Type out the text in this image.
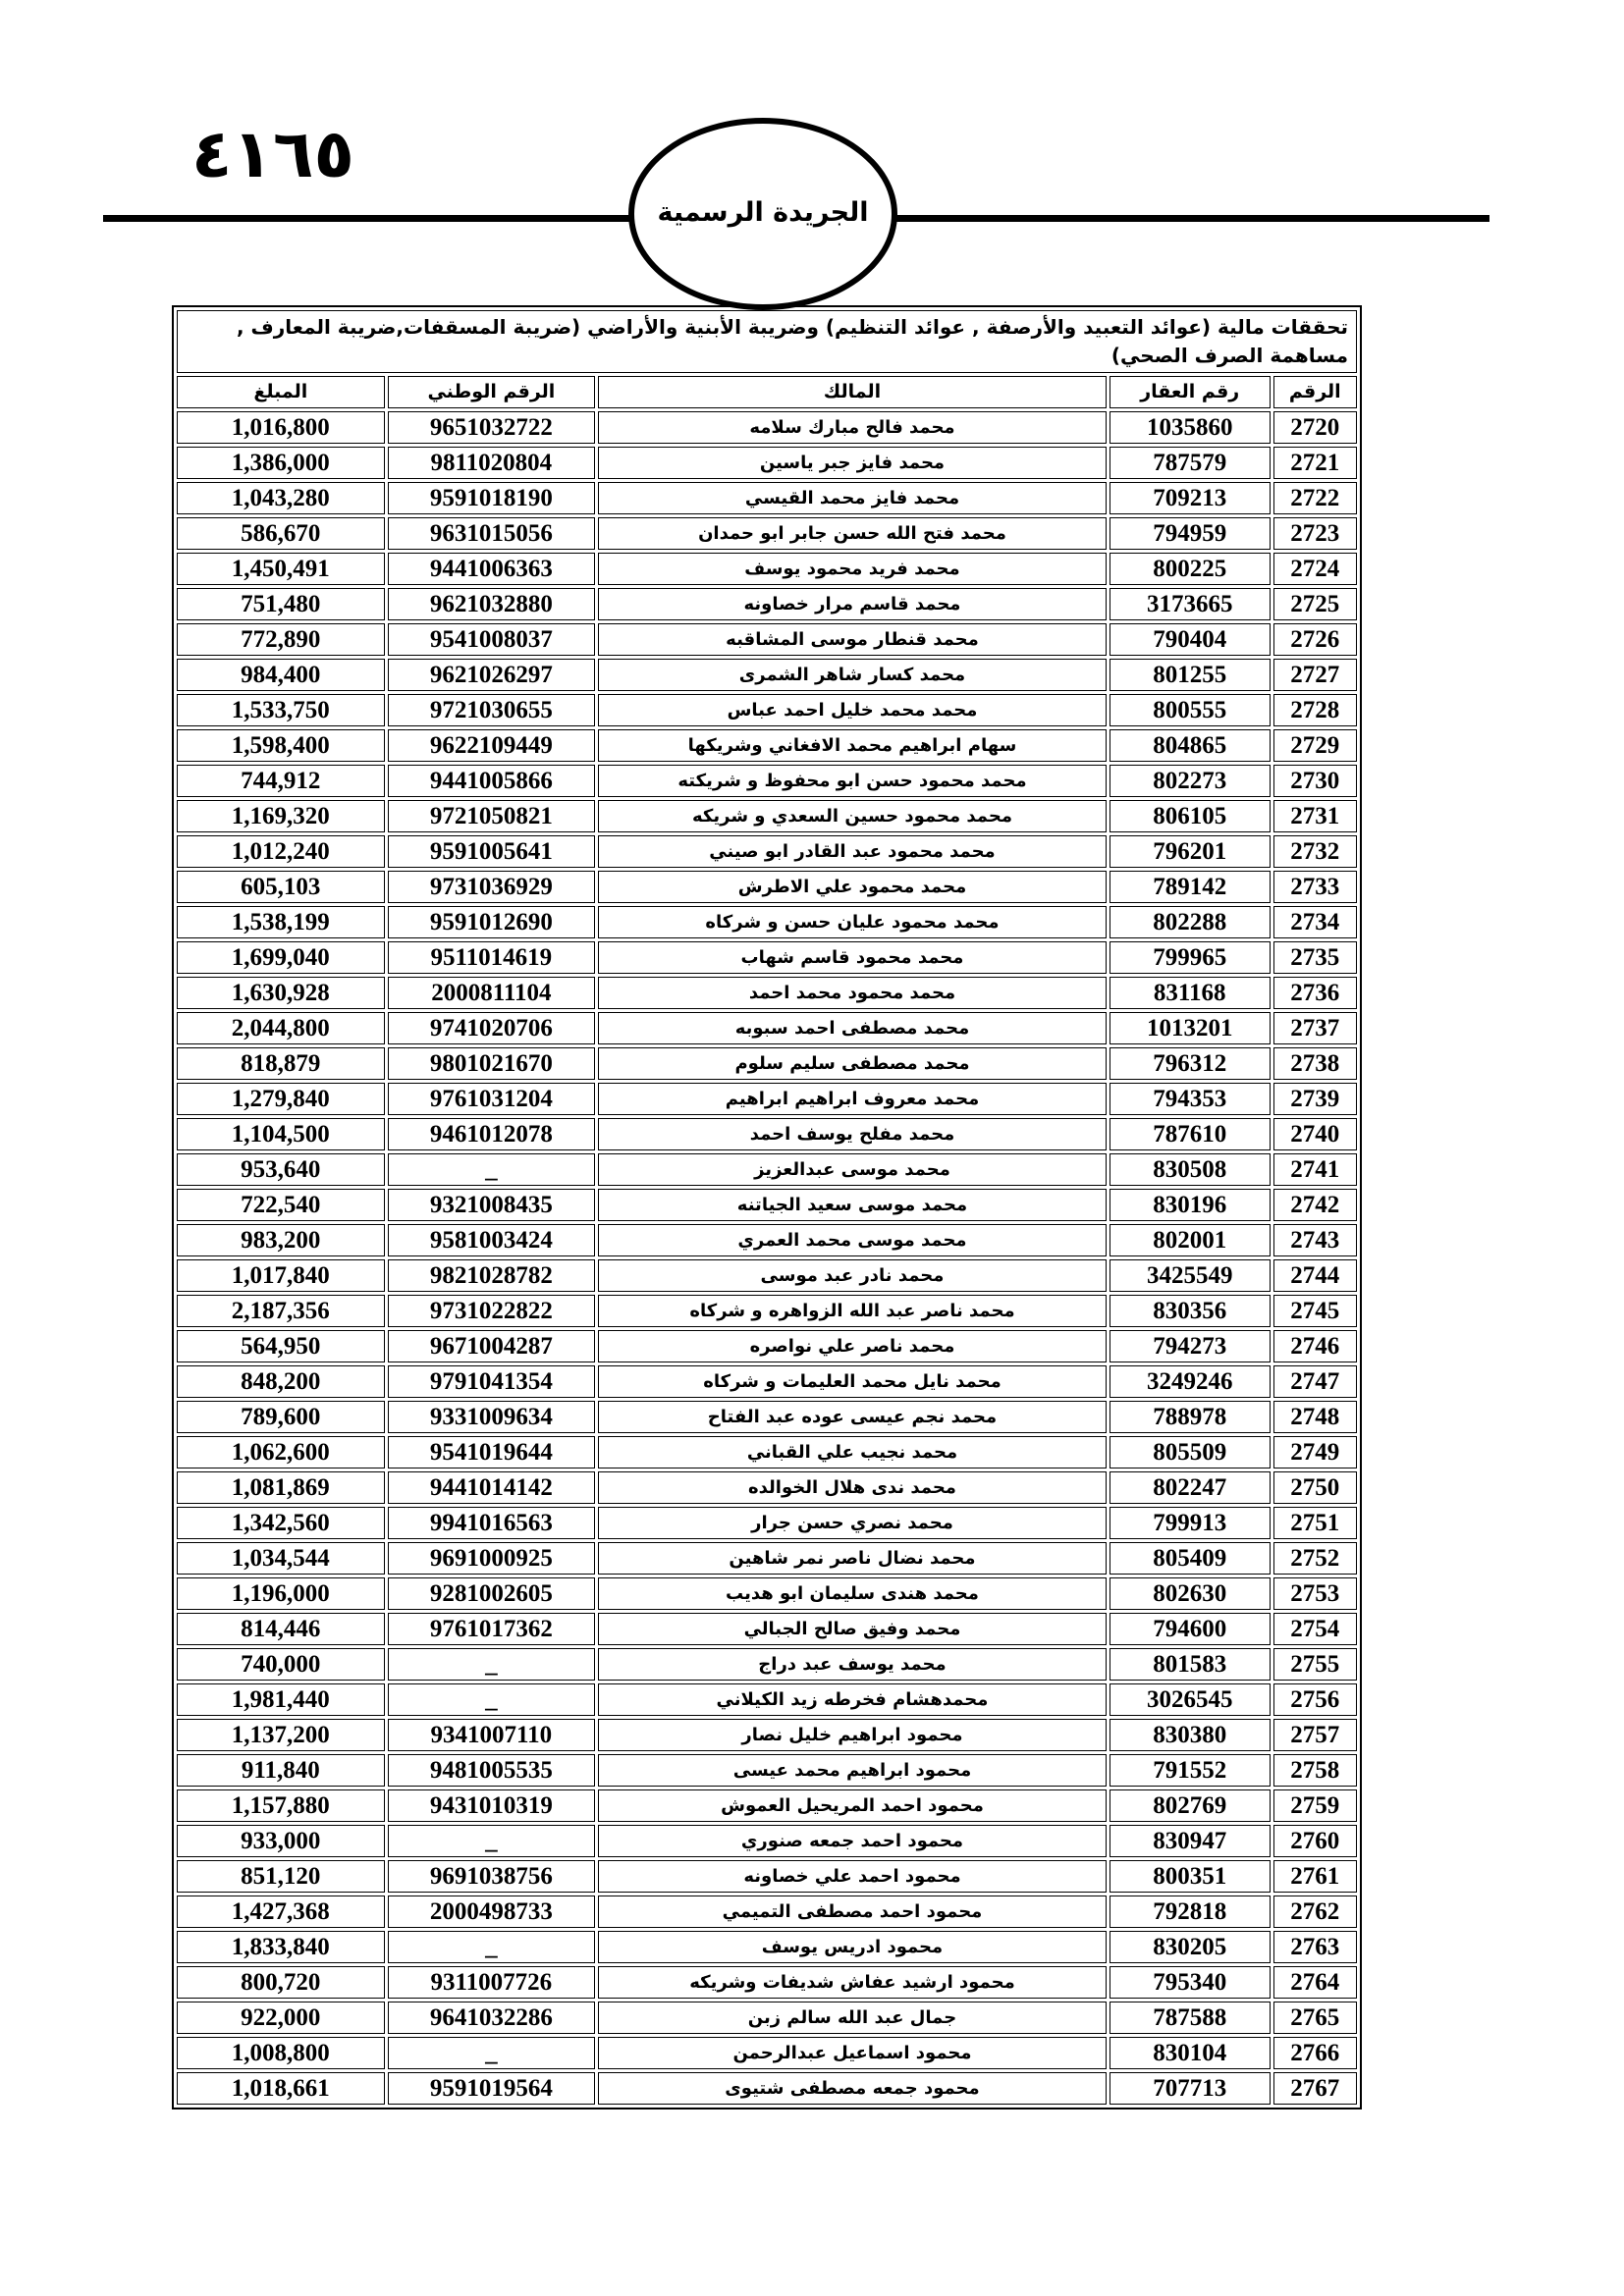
٤١٦٥
الجريدة الرسمية
تحققات مالية (عوائد التعبيد والأرصفة , عوائد التنظيم) وضريبة الأبنية والأراضي (ضريبة المسقفات,ضريبة المعارف , مساهمة الصرف الصحي)				
الرقم	رقم العقار	المالك	الرقم الوطني	المبلغ
2720	1035860	محمد فالح مبارك سلامه	9651032722	1,016,800
2721	787579	محمد فايز جبر ياسين	9811020804	1,386,000
2722	709213	محمد فايز محمد القيسي	9591018190	1,043,280
2723	794959	محمد فتح الله حسن جابر ابو حمدان	9631015056	586,670
2724	800225	محمد فريد محمود يوسف	9441006363	1,450,491
2725	3173665	محمد قاسم مرار خصاونه	9621032880	751,480
2726	790404	محمد قنطار موسى المشاقبه	9541008037	772,890
2727	801255	محمد كسار شاهر الشمرى	9621026297	984,400
2728	800555	محمد محمد خليل احمد عباس	9721030655	1,533,750
2729	804865	سهام ابراهيم محمد الافغاني وشريكها	9622109449	1,598,400
2730	802273	محمد محمود حسن ابو محفوظ و شريكته	9441005866	744,912
2731	806105	محمد محمود حسين السعدي و شريكه	9721050821	1,169,320
2732	796201	محمد محمود عبد القادر ابو صيني	9591005641	1,012,240
2733	789142	محمد محمود علي الاطرش	9731036929	605,103
2734	802288	محمد محمود عليان حسن و شركاه	9591012690	1,538,199
2735	799965	محمد محمود قاسم شهاب	9511014619	1,699,040
2736	831168	محمد محمود محمد احمد	2000811104	1,630,928
2737	1013201	محمد مصطفى احمد سبوبه	9741020706	2,044,800
2738	796312	محمد مصطفى سليم سلوم	9801021670	818,879
2739	794353	محمد معروف ابراهيم ابراهيم	9761031204	1,279,840
2740	787610	محمد مفلح يوسف احمد	9461012078	1,104,500
2741	830508	محمد موسى عبدالعزيز	_	953,640
2742	830196	محمد موسى سعيد الجياتنه	9321008435	722,540
2743	802001	محمد موسى محمد العمري	9581003424	983,200
2744	3425549	محمد نادر عبد موسى	9821028782	1,017,840
2745	830356	محمد ناصر عبد الله الزواهره و شركاه	9731022822	2,187,356
2746	794273	محمد ناصر علي نواصره	9671004287	564,950
2747	3249246	محمد نايل محمد العليمات و شركاه	9791041354	848,200
2748	788978	محمد نجم عيسى عوده عبد الفتاح	9331009634	789,600
2749	805509	محمد نجيب علي القباني	9541019644	1,062,600
2750	802247	محمد ندى هلال الخوالده	9441014142	1,081,869
2751	799913	محمد نصري حسن جرار	9941016563	1,342,560
2752	805409	محمد نضال ناصر نمر شاهين	9691000925	1,034,544
2753	802630	محمد هندى سليمان ابو هديب	9281002605	1,196,000
2754	794600	محمد وفيق صالح الجبالي	9761017362	814,446
2755	801583	محمد يوسف عبد دراج	_	740,000
2756	3026545	محمدهشام فخرطه زيد الكيلاني	_	1,981,440
2757	830380	محمود ابراهيم خليل نصار	9341007110	1,137,200
2758	791552	محمود ابراهيم محمد عيسى	9481005535	911,840
2759	802769	محمود احمد المريحيل العموش	9431010319	1,157,880
2760	830947	محمود احمد جمعه صنوري	_	933,000
2761	800351	محمود احمد علي خصاونه	9691038756	851,120
2762	792818	محمود احمد مصطفى التميمي	2000498733	1,427,368
2763	830205	محمود ادريس يوسف	_	1,833,840
2764	795340	محمود ارشيد عفاش شديفات وشريكه	9311007726	800,720
2765	787588	جمال عبد الله سالم زبن	9641032286	922,000
2766	830104	محمود اسماعيل عبدالرحمن	_	1,008,800
2767	707713	محمود جمعه مصطفى شتيوى	9591019564	1,018,661
